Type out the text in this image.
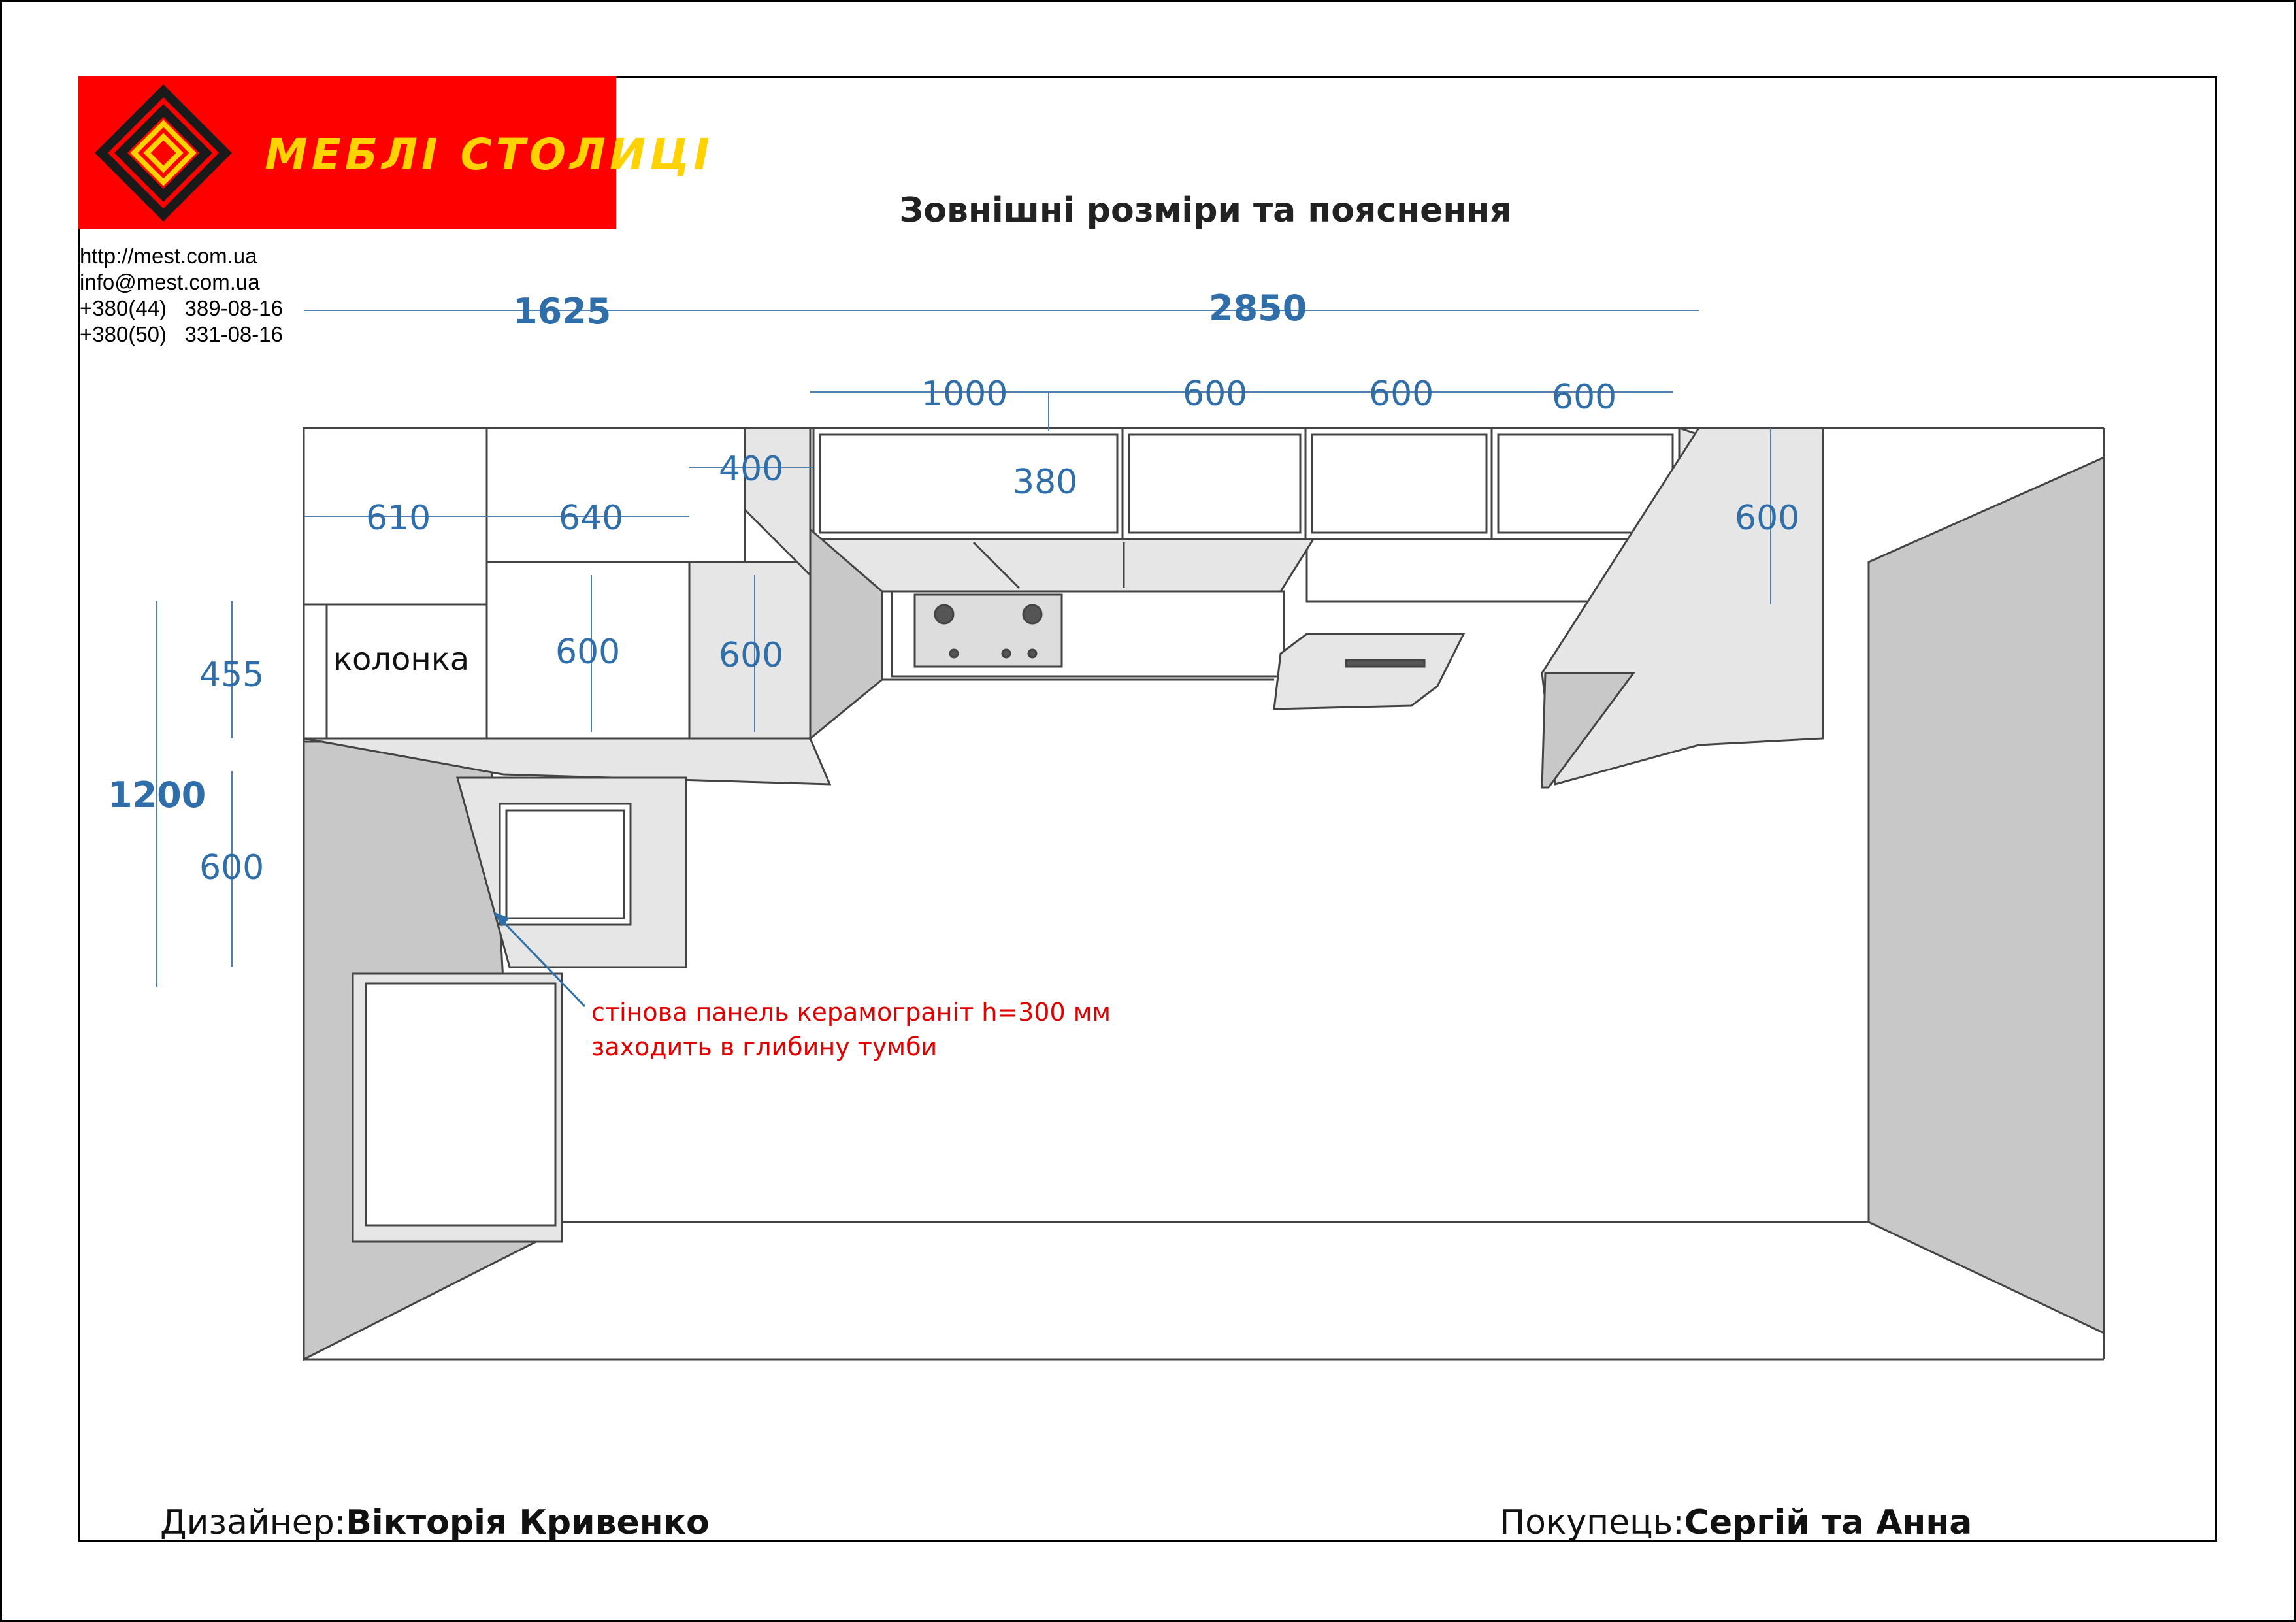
МЕБЛІ СТОЛИЦІ
http://mest.com.ua
info@mest.com.ua
+380(44)   389-08-16
+380(50)   331-08-16
Зовнішні розміри та пояснення
1625	2850
1000	600	600	600
380
400
610	640	600
455
1200
600
600	600
колонка
стінова панель керамограніт h=300 мм
заходить в глибину тумби
Дизайнер:Вікторія Кривенко	Покупець:Сергій та Анна
